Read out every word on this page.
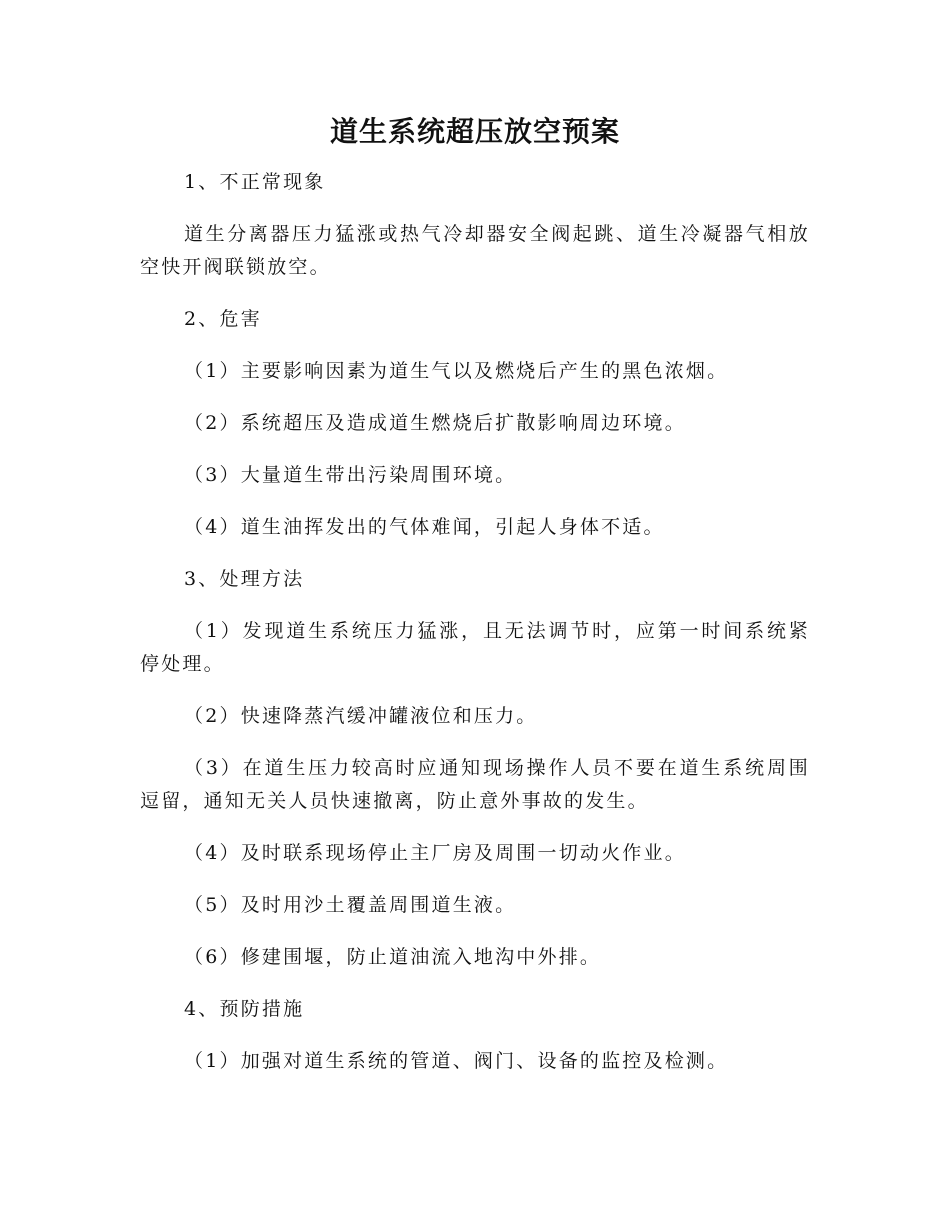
道生系统超压放空预案

1、不正常现象

道生分离器压力猛涨或热气冷却器安全阀起跳、道生冷凝器气相放空快开阀联锁放空。

2、危害

（1）主要影响因素为道生气以及燃烧后产生的黑色浓烟。

（2）系统超压及造成道生燃烧后扩散影响周边环境。

（3）大量道生带出污染周围环境。

（4）道生油挥发出的气体难闻，引起人身体不适。

3、处理方法

（1）发现道生系统压力猛涨，且无法调节时，应第一时间系统紧停处理。

（2）快速降蒸汽缓冲罐液位和压力。

（3）在道生压力较高时应通知现场操作人员不要在道生系统周围逗留，通知无关人员快速撤离，防止意外事故的发生。

（4）及时联系现场停止主厂房及周围一切动火作业。

（5）及时用沙土覆盖周围道生液。

（6）修建围堰，防止道油流入地沟中外排。

4、预防措施

（1）加强对道生系统的管道、阀门、设备的监控及检测。
